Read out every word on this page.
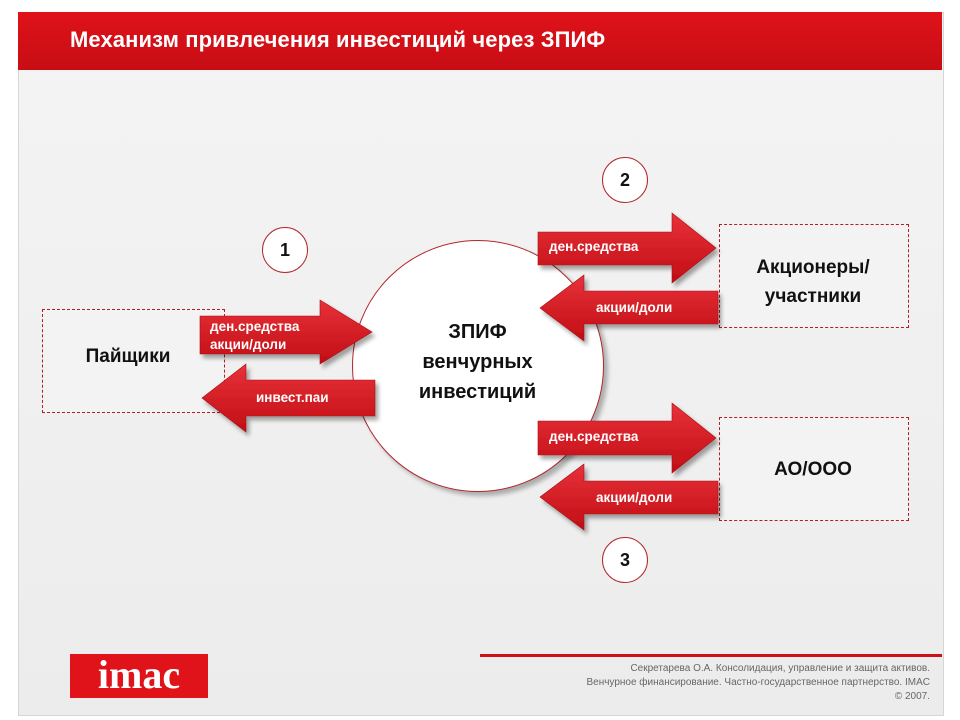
Механизм привлечения инвестиций через ЗПИФ
Пайщики
Акционеры/
участники
АО/ООО
ЗПИФ
венчурных
инвестиций
ден.средства
акции/доли
инвест.паи
ден.средства
акции/доли
ден.средства
акции/доли
1
2
3
imac	Секретарева О.А. Консолидация, управление и защита активов.
Венчурное финансирование. Частно-государственное партнерство. IMAC
© 2007.
